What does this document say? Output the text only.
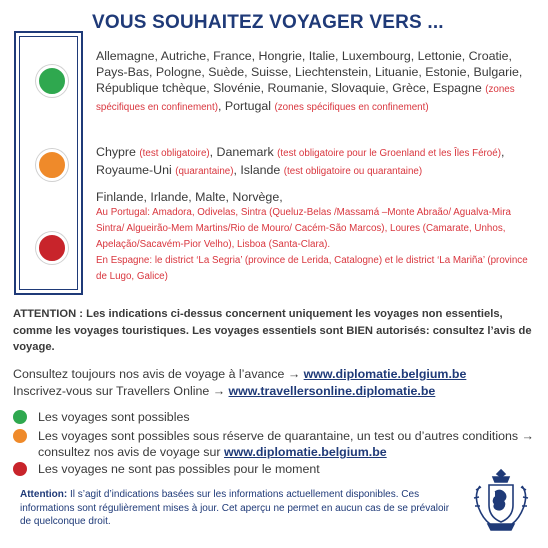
VOUS SOUHAITEZ VOYAGER VERS ...
Allemagne, Autriche, France, Hongrie, Italie, Luxembourg, Lettonie, Croatie, Pays-Bas, Pologne, Suède, Suisse, Liechtenstein, Lituanie, Estonie, Bulgarie, République tchèque, Slovénie, Roumanie, Slovaquie, Grèce, Espagne (zones spécifiques en confinement), Portugal (zones spécifiques en confinement)
Chypre (test obligatoire), Danemark (test obligatoire pour le Groenland et les Îles Féroé), Royaume-Uni (quarantaine), Islande (test obligatoire ou quarantaine)
Finlande, Irlande, Malte, Norvège,
Au Portugal: Amadora, Odivelas, Sintra (Queluz-Belas /Massamá –Monte Abraão/ Agualva-Mira Sintra/ Algueirão-Mem Martins/Rio de Mouro/ Cacém-São Marcos), Loures (Camarate, Unhos, Apelação/Sacavém-Pior Velho), Lisboa (Santa-Clara).
En Espagne: le district ‘La Segria’ (province de Lerida, Catalogne) et le district ‘La Mariña’ (province de Lugo, Galice)
ATTENTION : Les indications ci-dessus concernent uniquement les voyages non essentiels, comme les voyages touristiques. Les voyages essentiels sont BIEN autorisés: consultez l’avis de voyage.
Consultez toujours nos avis de voyage à l’avance → www.diplomatie.belgium.be
Inscrivez-vous sur Travellers Online → www.travellersonline.diplomatie.be
Les voyages sont possibles
Les voyages sont possibles sous réserve de quarantaine, un test ou d’autres conditions → consultez nos avis de voyage sur www.diplomatie.belgium.be
Les voyages ne sont pas possibles pour le moment
Attention: Il s’agit d’indications basées sur les informations actuellement disponibles. Ces informations sont régulièrement mises à jour. Cet aperçu ne permet en aucun cas de se prévaloir de quelconque droit.
